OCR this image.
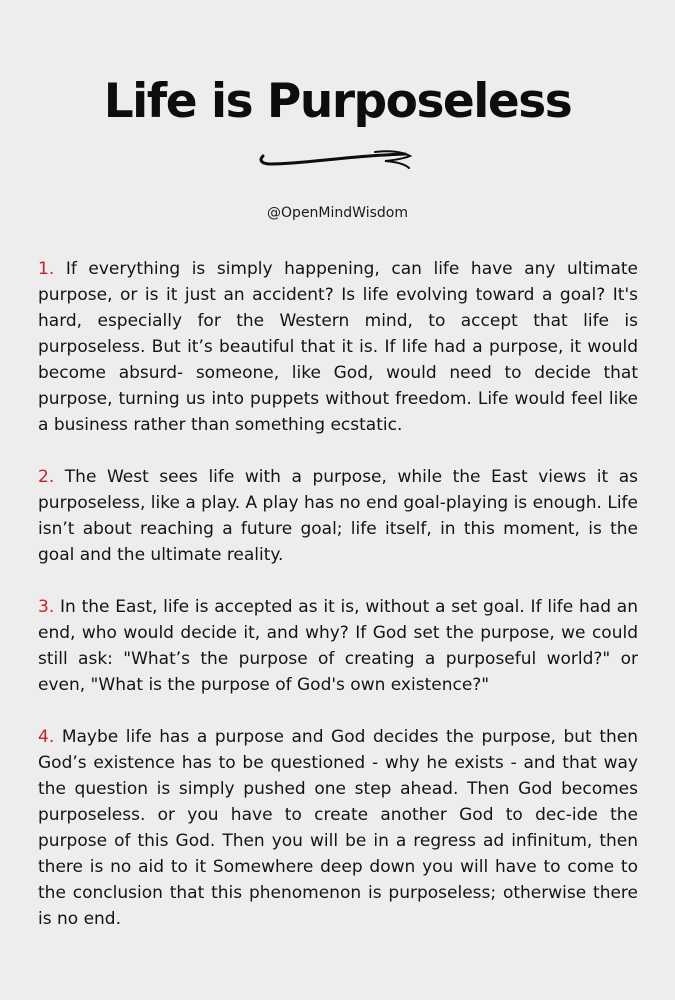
Life is Purposeless
@OpenMindWisdom

1. If everything is simply happening, can life have any ultimate purpose, or is it just an accident? Is life evolving toward a goal? It's hard, especially for the Western mind, to accept that life is purposeless. But it’s beautiful that it is. If life had a purpose, it would become absurd- someone, like God, would need to decide that purpose, turning us into puppets without freedom. Life would feel like a business rather than something ecstatic.

2. The West sees life with a purpose, while the East views it as purposeless, like a play. A play has no end goal-playing is enough. Life isn’t about reaching a future goal; life itself, in this moment, is the goal and the ultimate reality.

3. In the East, life is accepted as it is, without a set goal. If life had an end, who would decide it, and why? If God set the purpose, we could still ask: "What’s the purpose of creating a purposeful world?" or even, "What is the purpose of God's own existence?"

4. Maybe life has a purpose and God decides the purpose, but then God’s existence has to be questioned - why he exists - and that way the question is simply pushed one step ahead. Then God becomes purposeless. or you have to create another God to dec-ide the purpose of this God. Then you will be in a regress ad infinitum, then there is no aid to it Somewhere deep down you will have to come to the conclusion that this phenomenon is purposeless; otherwise there is no end.
